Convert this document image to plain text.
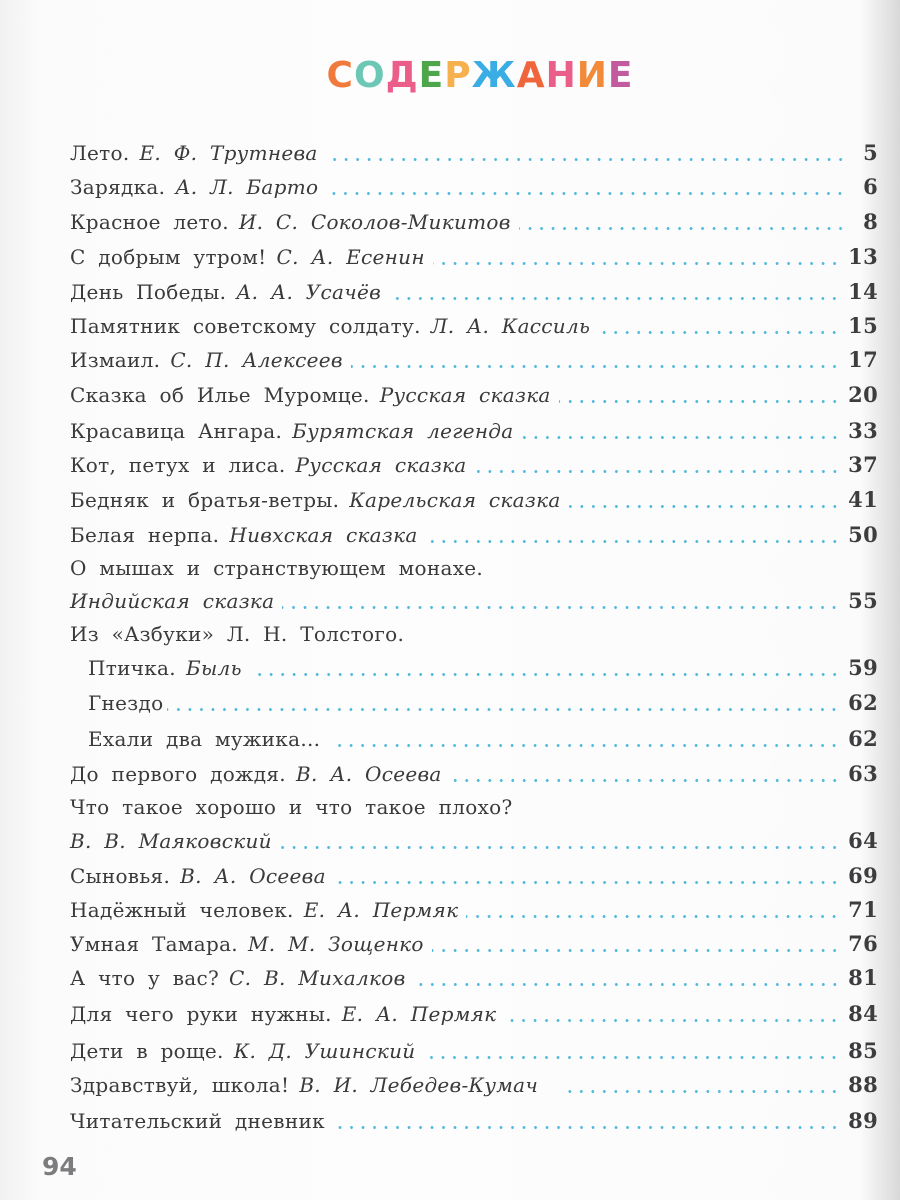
СОДЕРЖАНИЕ
Лето. Е. Ф. Трутнева	5
Зарядка. А. Л. Барто	6
Красное лето. И. С. Соколов-Микитов	8
С добрым утром! С. А. Есенин	13
День Победы. А. А. Усачёв	14
Памятник советскому солдату. Л. А. Кассиль	15
Измаил. С. П. Алексеев	17
Сказка об Илье Муромце. Русская сказка	20
Красавица Ангара. Бурятская легенда	33
Кот, петух и лиса. Русская сказка	37
Бедняк и братья-ветры. Карельская сказка	41
Белая нерпа. Нивхская сказка	50
О мышах и странствующем монахе.
Индийская сказка	55
Из «Азбуки» Л. Н. Толстого.
Птичка. Быль	59
Гнездо	62
Ехали два мужика...	62
До первого дождя. В. А. Осеева	63
Что такое хорошо и что такое плохо?
В. В. Маяковский	64
Сыновья. В. А. Осеева	69
Надёжный человек. Е. А. Пермяк	71
Умная Тамара. М. М. Зощенко	76
А что у вас? С. В. Михалков	81
Для чего руки нужны. Е. А. Пермяк	84
Дети в роще. К. Д. Ушинский	85
Здравствуй, школа! В. И. Лебедев-Кумач	88
Читательский дневник	89
94
